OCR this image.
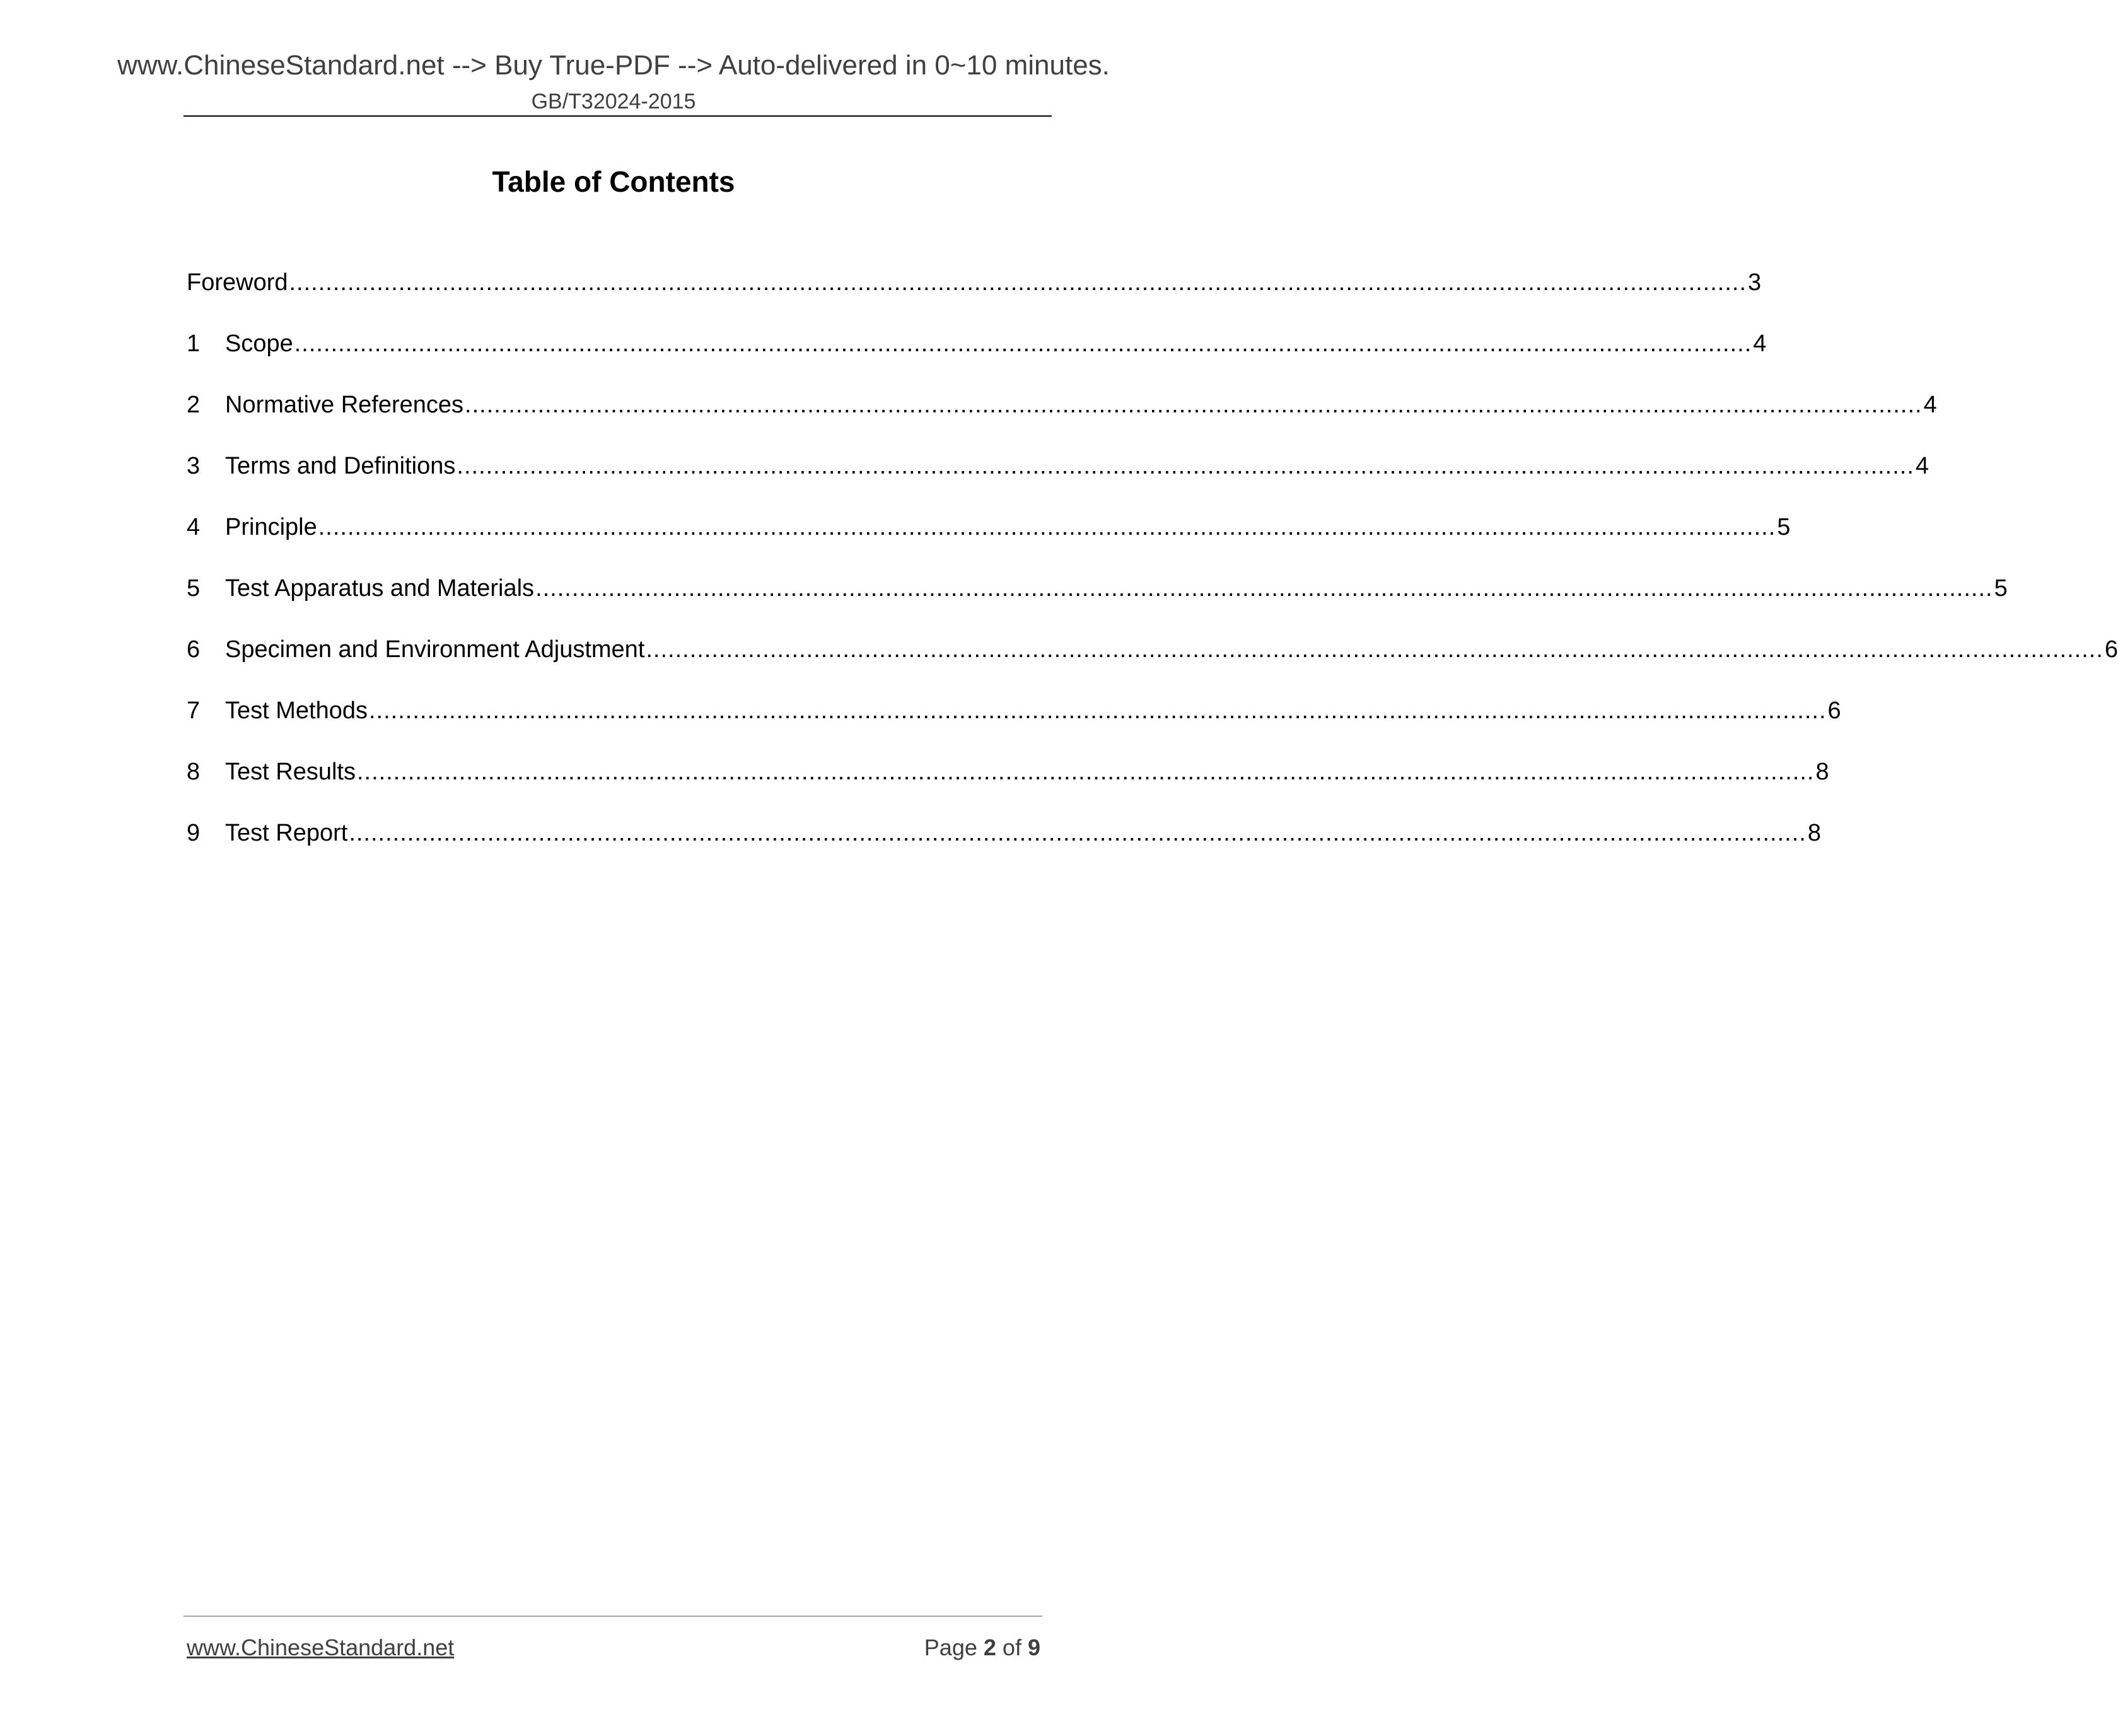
www.ChineseStandard.net --> Buy True-PDF --> Auto-delivered in 0~10 minutes.
GB/T32024-2015
Table of Contents
Foreword ........................................................................................................................................................................................................ 3
1	Scope ........................................................................................................................................................................................................ 4
2	Normative References ........................................................................................................................................................................................................ 4
3	Terms and Definitions ........................................................................................................................................................................................................ 4
4	Principle ........................................................................................................................................................................................................ 5
5	Test Apparatus and Materials ........................................................................................................................................................................................................ 5
6	Specimen and Environment Adjustment ........................................................................................................................................................................................................ 6
7	Test Methods ........................................................................................................................................................................................................ 6
8	Test Results ........................................................................................................................................................................................................ 8
9	Test Report ........................................................................................................................................................................................................ 8
www.ChineseStandard.net	Page 2 of 9
